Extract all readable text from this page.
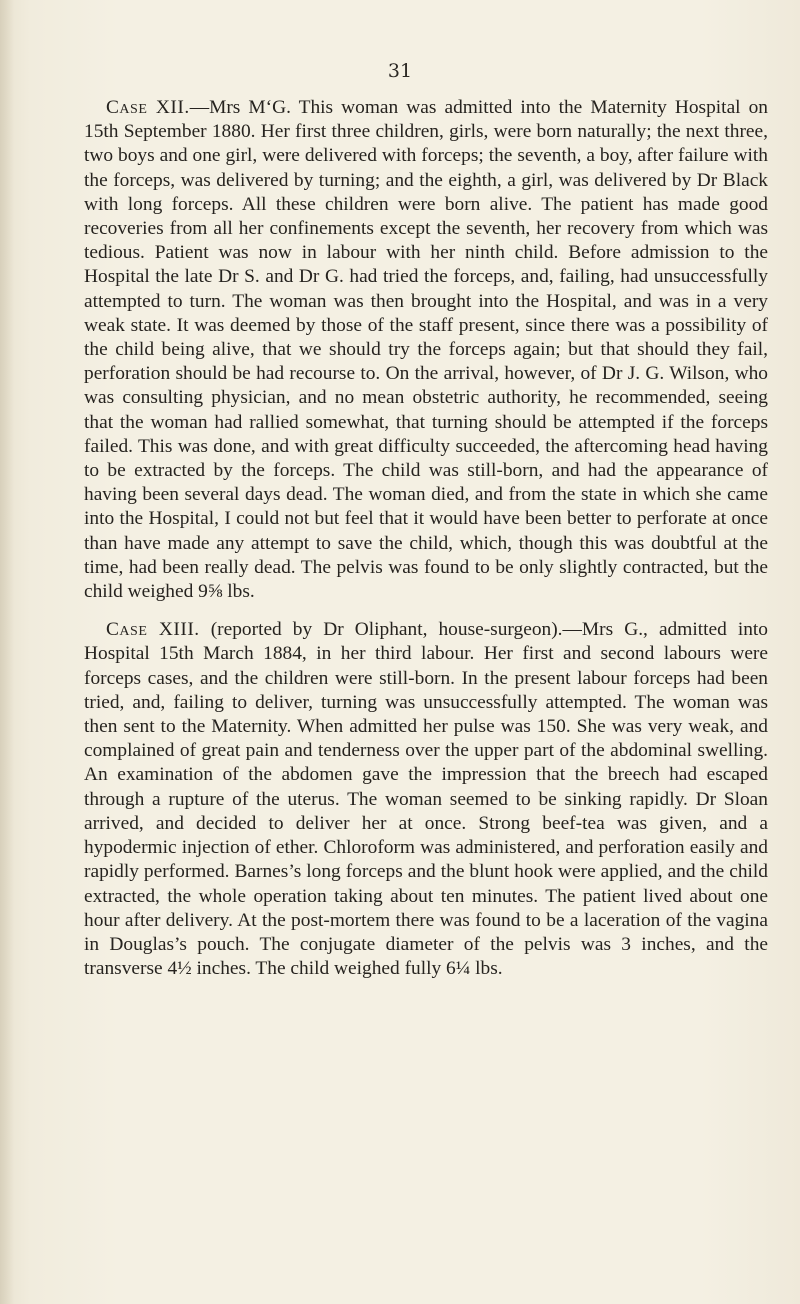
31

Case XII.—Mrs M‘G. This woman was admitted into the Maternity Hospital on 15th September 1880. Her first three children, girls, were born naturally; the next three, two boys and one girl, were delivered with forceps; the seventh, a boy, after failure with the forceps, was delivered by turning; and the eighth, a girl, was delivered by Dr Black with long forceps. All these children were born alive. The patient has made good recoveries from all her confinements except the seventh, her recovery from which was tedious. Patient was now in labour with her ninth child. Before admission to the Hospital the late Dr S. and Dr G. had tried the forceps, and, failing, had unsuccessfully attempted to turn. The woman was then brought into the Hospital, and was in a very weak state. It was deemed by those of the staff present, since there was a possibility of the child being alive, that we should try the forceps again; but that should they fail, perforation should be had recourse to. On the arrival, however, of Dr J. G. Wilson, who was consulting physician, and no mean obstetric authority, he recommended, seeing that the woman had rallied somewhat, that turning should be attempted if the forceps failed. This was done, and with great difficulty succeeded, the aftercoming head having to be extracted by the forceps. The child was still-born, and had the appearance of having been several days dead. The woman died, and from the state in which she came into the Hospital, I could not but feel that it would have been better to perforate at once than have made any attempt to save the child, which, though this was doubtful at the time, had been really dead. The pelvis was found to be only slightly contracted, but the child weighed 9⅝ lbs.

Case XIII. (reported by Dr Oliphant, house-surgeon).—Mrs G., admitted into Hospital 15th March 1884, in her third labour. Her first and second labours were forceps cases, and the children were still-born. In the present labour forceps had been tried, and, failing to deliver, turning was unsuccessfully attempted. The woman was then sent to the Maternity. When admitted her pulse was 150. She was very weak, and complained of great pain and tenderness over the upper part of the abdominal swelling. An examination of the abdomen gave the impression that the breech had escaped through a rupture of the uterus. The woman seemed to be sinking rapidly. Dr Sloan arrived, and decided to deliver her at once. Strong beef-tea was given, and a hypodermic injection of ether. Chloroform was administered, and perforation easily and rapidly performed. Barnes’s long forceps and the blunt hook were applied, and the child extracted, the whole operation taking about ten minutes. The patient lived about one hour after delivery. At the post-mortem there was found to be a laceration of the vagina in Douglas’s pouch. The conjugate diameter of the pelvis was 3 inches, and the transverse 4½ inches. The child weighed fully 6¼ lbs.
